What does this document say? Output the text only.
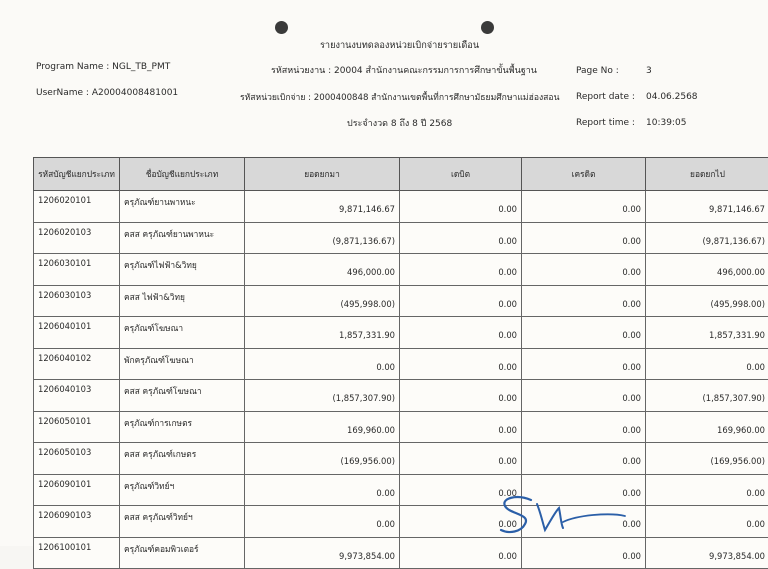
รายงานงบทดลองหน่วยเบิกจ่ายรายเดือน
Program Name : NGL_TB_PMT
UserName : A20004008481001
รหัสหน่วยงาน : 20004 สำนักงานคณะกรรมการการศึกษาขั้นพื้นฐาน
รหัสหน่วยเบิกจ่าย : 2000400848 สำนักงานเขตพื้นที่การศึกษามัธยมศึกษาแม่ฮ่องสอน
ประจำงวด 8 ถึง 8 ปี 2568
Page No :	3
Report date : 04.06.2568
Report time : 10:39:05
รหัสบัญชีแยกประเภท	ชื่อบัญชีแยกประเภท	ยอดยกมา	เดบิต	เครดิต	ยอดยกไป
1206020101	ครุภัณฑ์ยานพาหนะ	9,871,146.67	0.00	0.00	9,871,146.67
1206020103	คสส ครุภัณฑ์ยานพาหนะ	(9,871,136.67)	0.00	0.00	(9,871,136.67)
1206030101	ครุภัณฑ์ไฟฟ้า&วิทยุ	496,000.00	0.00	0.00	496,000.00
1206030103	คสส ไฟฟ้า&วิทยุ	(495,998.00)	0.00	0.00	(495,998.00)
1206040101	ครุภัณฑ์โฆษณา	1,857,331.90	0.00	0.00	1,857,331.90
1206040102	พักครุภัณฑ์โฆษณา	0.00	0.00	0.00	0.00
1206040103	คสส ครุภัณฑ์โฆษณา	(1,857,307.90)	0.00	0.00	(1,857,307.90)
1206050101	ครุภัณฑ์การเกษตร	169,960.00	0.00	0.00	169,960.00
1206050103	คสส ครุภัณฑ์เกษตร	(169,956.00)	0.00	0.00	(169,956.00)
1206090101	ครุภัณฑ์วิทย์ฯ	0.00	0.00	0.00	0.00
1206090103	คสส ครุภัณฑ์วิทย์ฯ	0.00	0.00	0.00	0.00
1206100101	ครุภัณฑ์คอมพิวเตอร์	9,973,854.00	0.00	0.00	9,973,854.00
